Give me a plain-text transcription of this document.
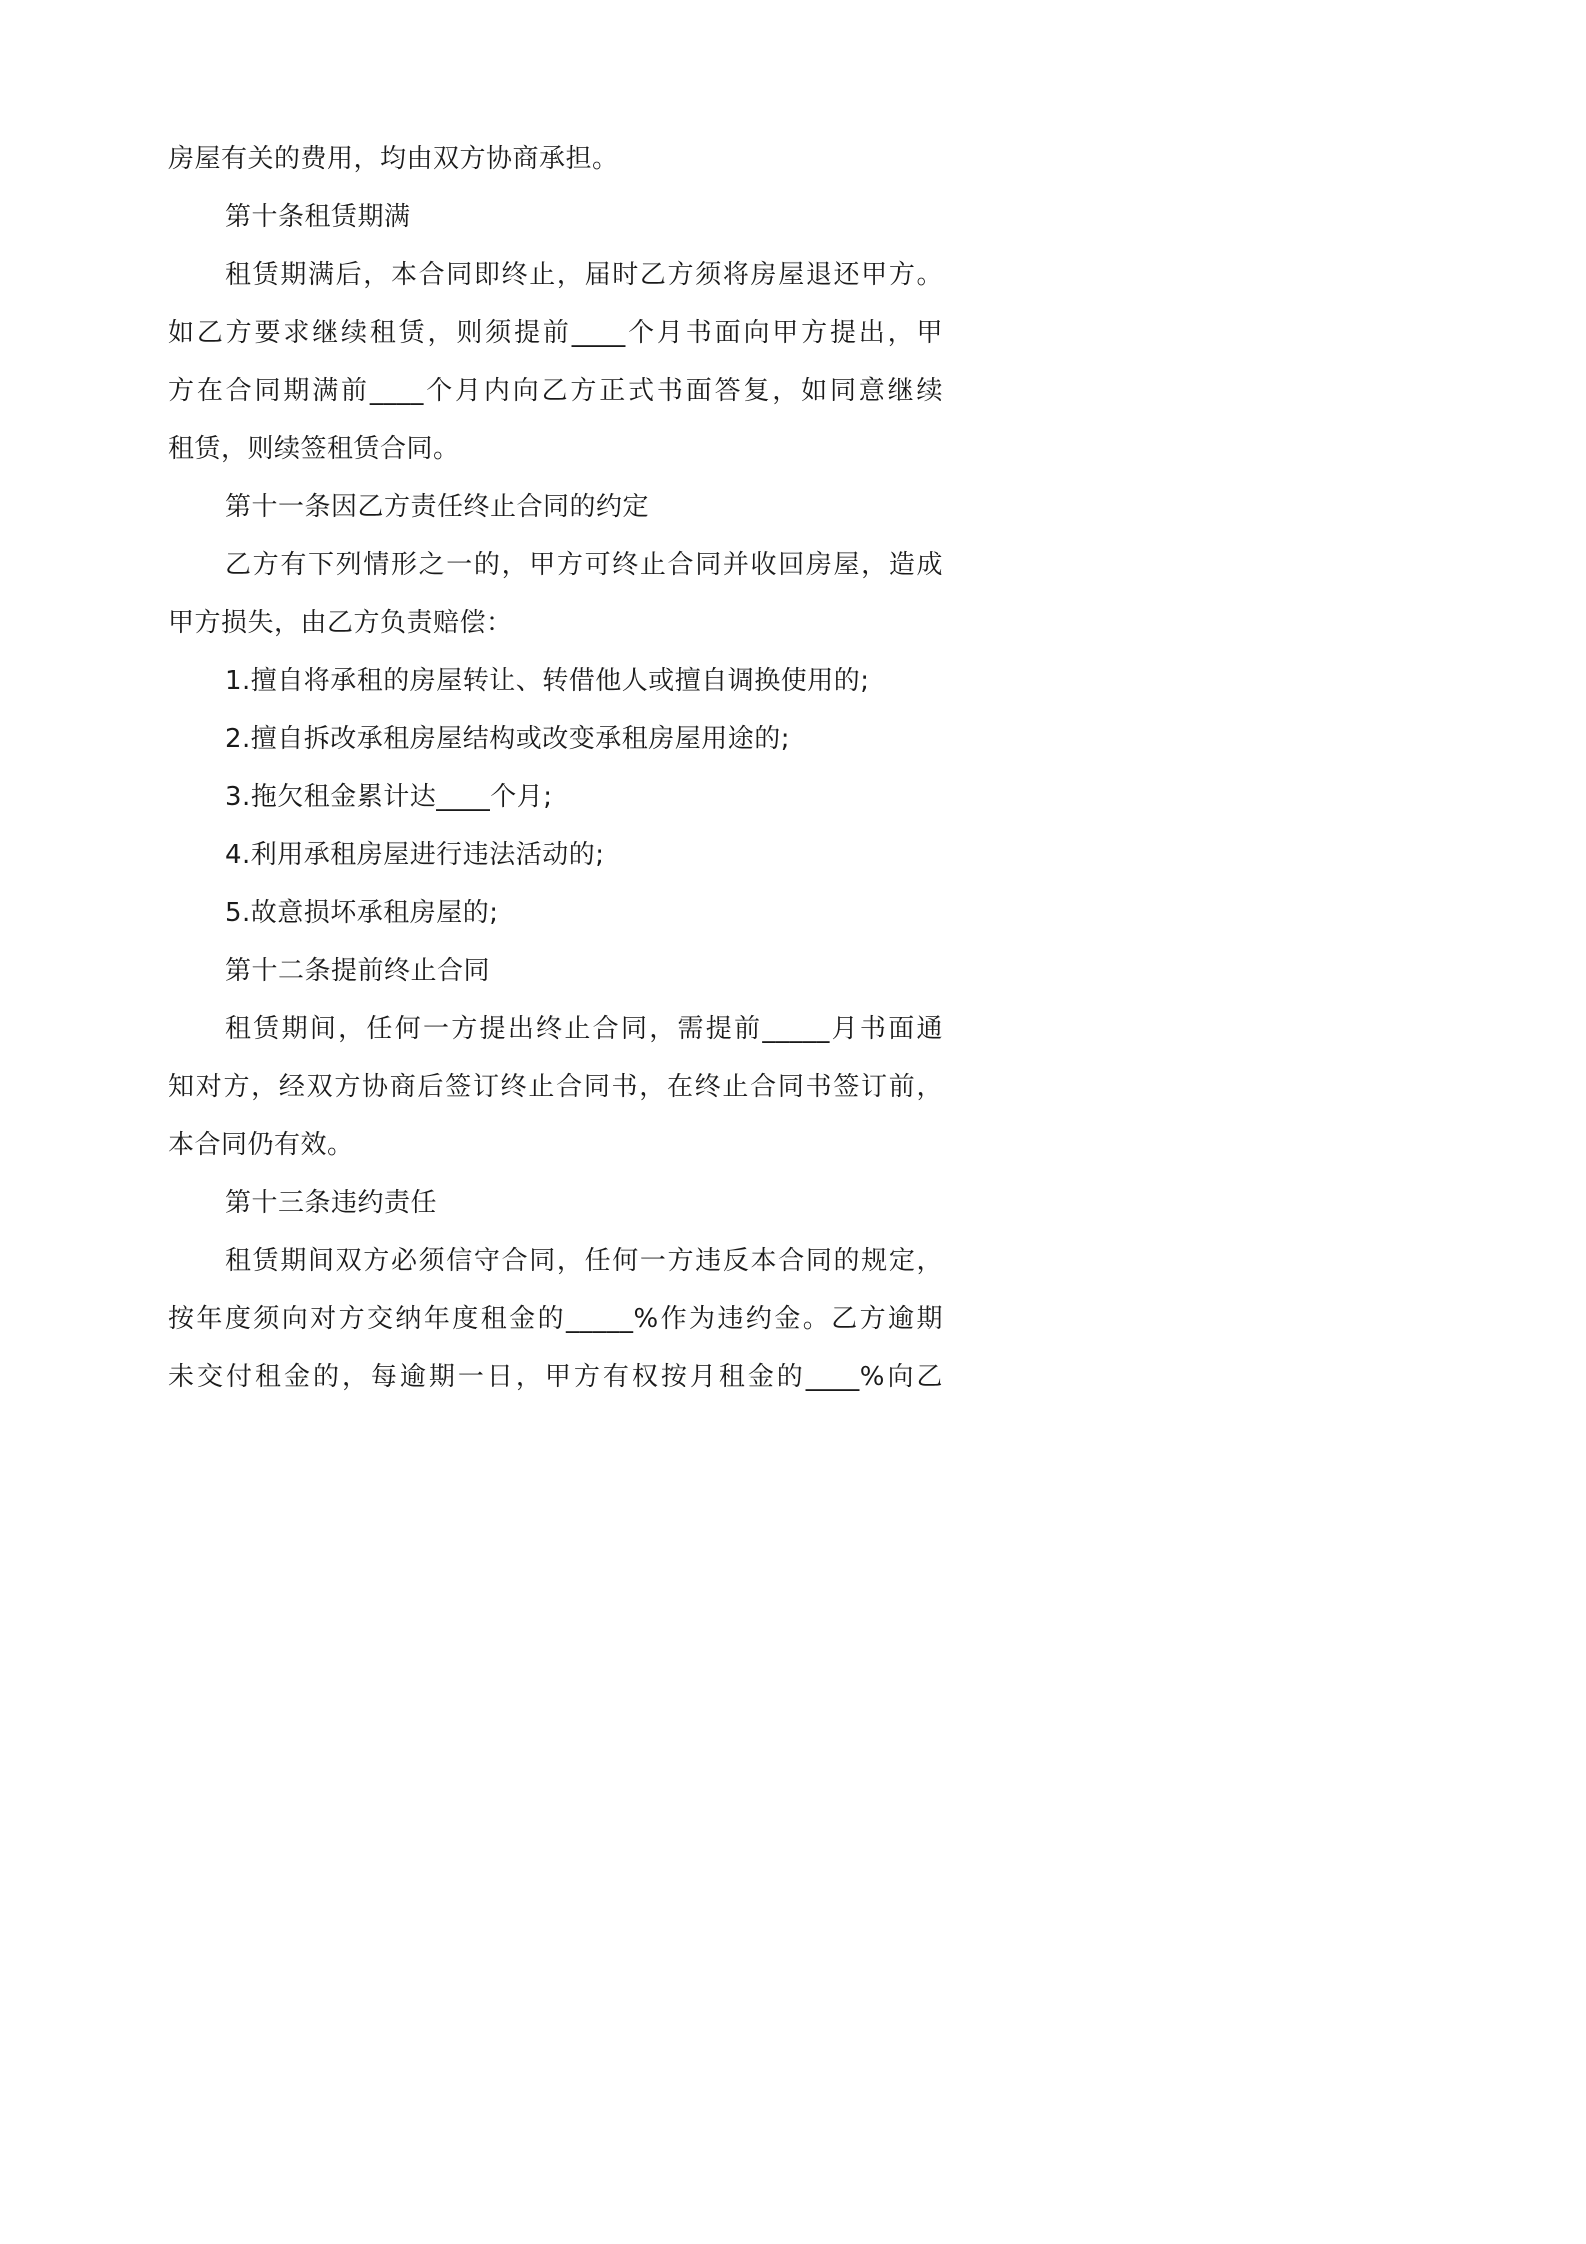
房屋有关的费用，均由双方协商承担。
第十条租赁期满
租赁期满后，本合同即终止，届时乙方须将房屋退还甲方。
如乙方要求继续租赁，则须提前____个月书面向甲方提出，甲
方在合同期满前____个月内向乙方正式书面答复，如同意继续
租赁，则续签租赁合同。
第十一条因乙方责任终止合同的约定
乙方有下列情形之一的，甲方可终止合同并收回房屋，造成
甲方损失，由乙方负责赔偿：
1.擅自将承租的房屋转让、转借他人或擅自调换使用的;
2.擅自拆改承租房屋结构或改变承租房屋用途的;
3.拖欠租金累计达____个月;
4.利用承租房屋进行违法活动的;
5.故意损坏承租房屋的;
第十二条提前终止合同
租赁期间，任何一方提出终止合同，需提前_____月书面通
知对方，经双方协商后签订终止合同书，在终止合同书签订前，
本合同仍有效。
第十三条违约责任
租赁期间双方必须信守合同，任何一方违反本合同的规定，
按年度须向对方交纳年度租金的_____%作为违约金。乙方逾期
未交付租金的，每逾期一日，甲方有权按月租金的____%向乙
